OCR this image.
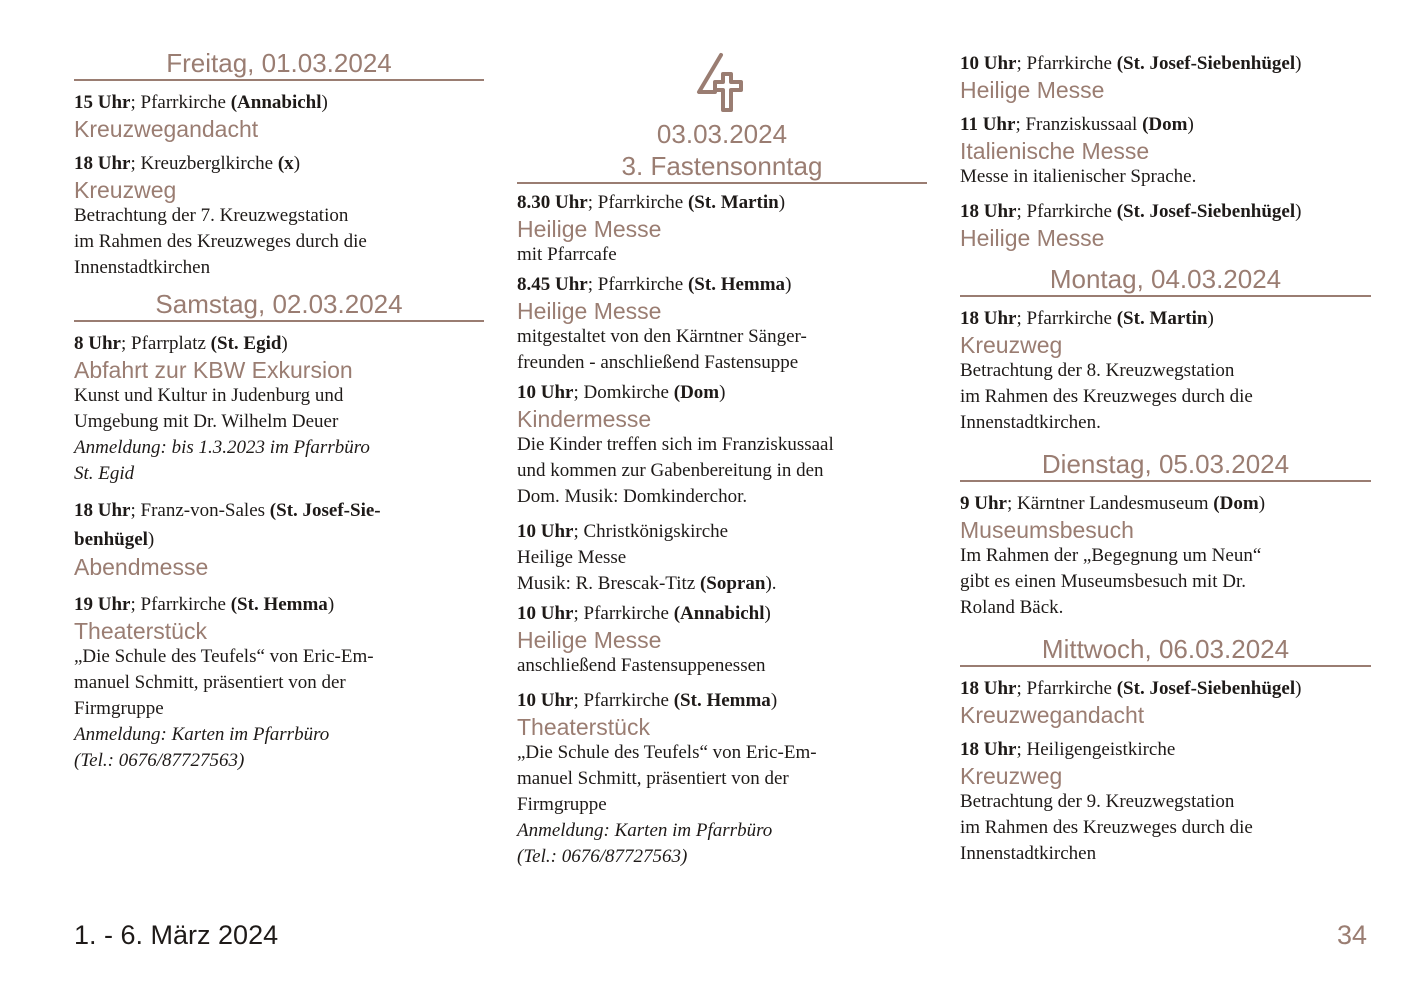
Freitag, 01.03.2024

15 Uhr; Pfarrkirche (Annabichl)

Kreuzwegandacht

18 Uhr; Kreuzberglkirche (x)

Kreuzweg

Betrachtung der 7. Kreuzwegstation

im Rahmen des Kreuzweges durch die

Innenstadtkirchen

Samstag, 02.03.2024

8 Uhr; Pfarrplatz (St. Egid)

Abfahrt zur KBW Exkursion

Kunst und Kultur in Judenburg und

Umgebung mit Dr. Wilhelm Deuer

Anmeldung: bis 1.3.2023 im Pfarrbüro

St. Egid

18 Uhr; Franz-von-Sales (St. Josef-Sie-

benhügel)

Abendmesse

19 Uhr; Pfarrkirche (St. Hemma)

Theaterstück

„Die Schule des Teufels“ von Eric-Em-

manuel Schmitt, präsentiert von der

Firmgruppe

Anmeldung: Karten im Pfarrbüro

(Tel.: 0676/87727563)

03.03.2024

3. Fastensonntag

8.30 Uhr; Pfarrkirche (St. Martin)

Heilige Messe

mit Pfarrcafe

8.45 Uhr; Pfarrkirche (St. Hemma)

Heilige Messe

mitgestaltet von den Kärntner Sänger-

freunden - anschließend Fastensuppe

10 Uhr; Domkirche (Dom)

Kindermesse

Die Kinder treffen sich im Franziskussaal

und kommen zur Gabenbereitung in den

Dom. Musik: Domkinderchor.

10 Uhr; Christkönigskirche

Heilige Messe

Musik: R. Brescak-Titz (Sopran).

10 Uhr; Pfarrkirche (Annabichl)

Heilige Messe

anschließend Fastensuppenessen

10 Uhr; Pfarrkirche (St. Hemma)

Theaterstück

„Die Schule des Teufels“ von Eric-Em-

manuel Schmitt, präsentiert von der

Firmgruppe

Anmeldung: Karten im Pfarrbüro

(Tel.: 0676/87727563)

10 Uhr; Pfarrkirche (St. Josef-Siebenhügel)

Heilige Messe

11 Uhr; Franziskussaal (Dom)

Italienische Messe

Messe in italienischer Sprache.

18 Uhr; Pfarrkirche (St. Josef-Siebenhügel)

Heilige Messe

Montag, 04.03.2024

18 Uhr; Pfarrkirche (St. Martin)

Kreuzweg

Betrachtung der 8. Kreuzwegstation

im Rahmen des Kreuzweges durch die

Innenstadtkirchen.

Dienstag, 05.03.2024

9 Uhr; Kärntner Landesmuseum (Dom)

Museumsbesuch

Im Rahmen der „Begegnung um Neun“

gibt es einen Museumsbesuch mit Dr.

Roland Bäck.

Mittwoch, 06.03.2024

18 Uhr; Pfarrkirche (St. Josef-Siebenhügel)

Kreuzwegandacht

18 Uhr; Heiligengeistkirche

Kreuzweg

Betrachtung der 9. Kreuzwegstation

im Rahmen des Kreuzweges durch die

Innenstadtkirchen

1. - 6. März 2024	34
